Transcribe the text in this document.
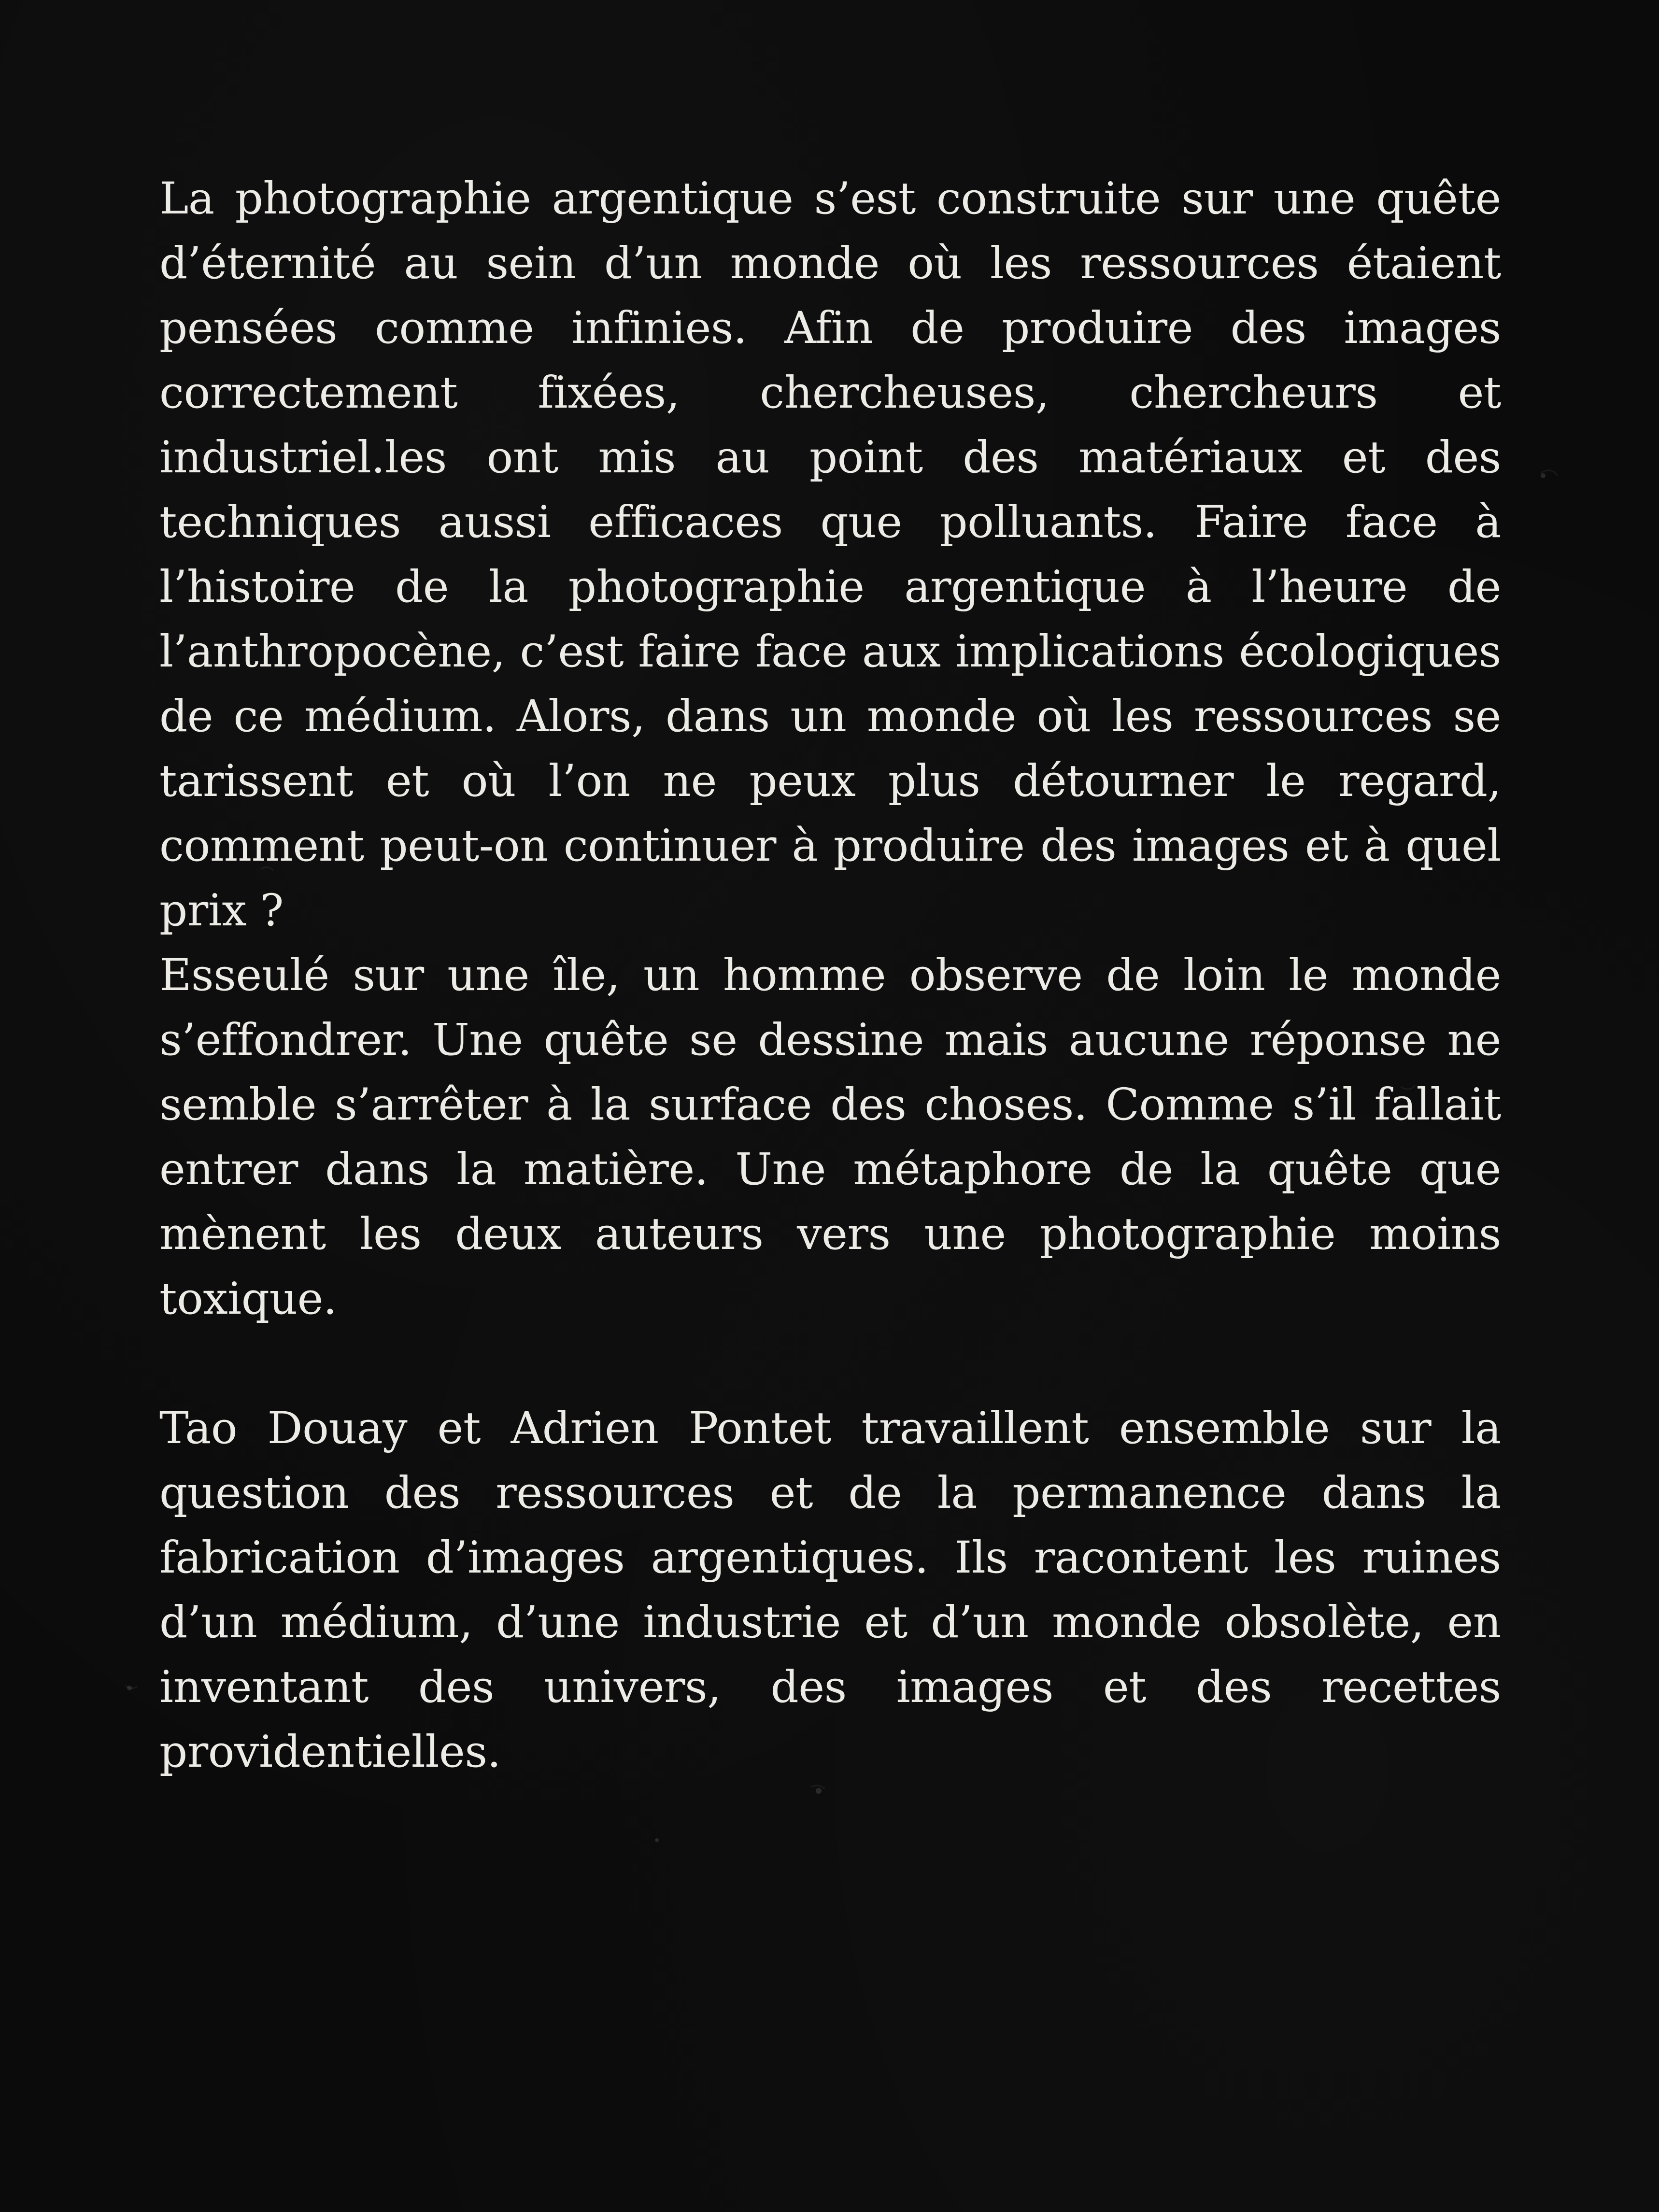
La photographie argentique s’est construite sur une quête d’éternité au sein d’un monde où les ressources étaient pensées comme infinies. Afin de produire des images correctement fixées, chercheuses, chercheurs et industriel.les ont mis au point des matériaux et des techniques aussi efficaces que polluants. Faire face à l’histoire de la photographie argentique à l’heure de l’anthropocène, c’est faire face aux implications écologiques de ce médium. Alors, dans un monde où les ressources se tarissent et où l’on ne peux plus détourner le regard, comment peut-on continuer à produire des images et à quel prix ?

Esseulé sur une île, un homme observe de loin le monde s’effondrer. Une quête se dessine mais aucune réponse ne semble s’arrêter à la surface des choses. Comme s’il fallait entrer dans la matière. Une métaphore de la quête que mènent les deux auteurs vers une photographie moins toxique.

Tao Douay et Adrien Pontet travaillent ensemble sur la question des ressources et de la permanence dans la fabrication d’images argentiques. Ils racontent les ruines d’un médium, d’une industrie et d’un monde obsolète, en inventant des univers, des images et des recettes providentielles.
